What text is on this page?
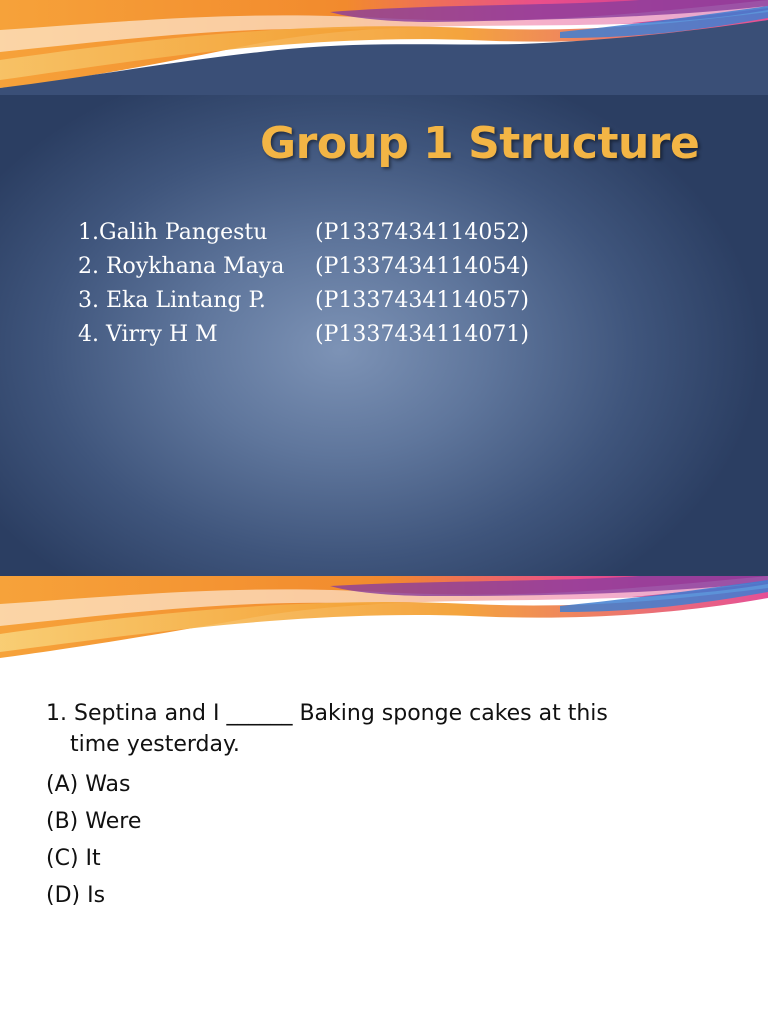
Group 1 Structure
1.Galih Pangestu (P1337434114052)
2. Roykhana Maya (P1337434114054)
3. Eka Lintang P. (P1337434114057)
4. Virry H M	(P1337434114071)
1. Septina and I ______ Baking sponge cakes at this
time yesterday.
(A) Was
(B) Were
(C) It
(D) Is
